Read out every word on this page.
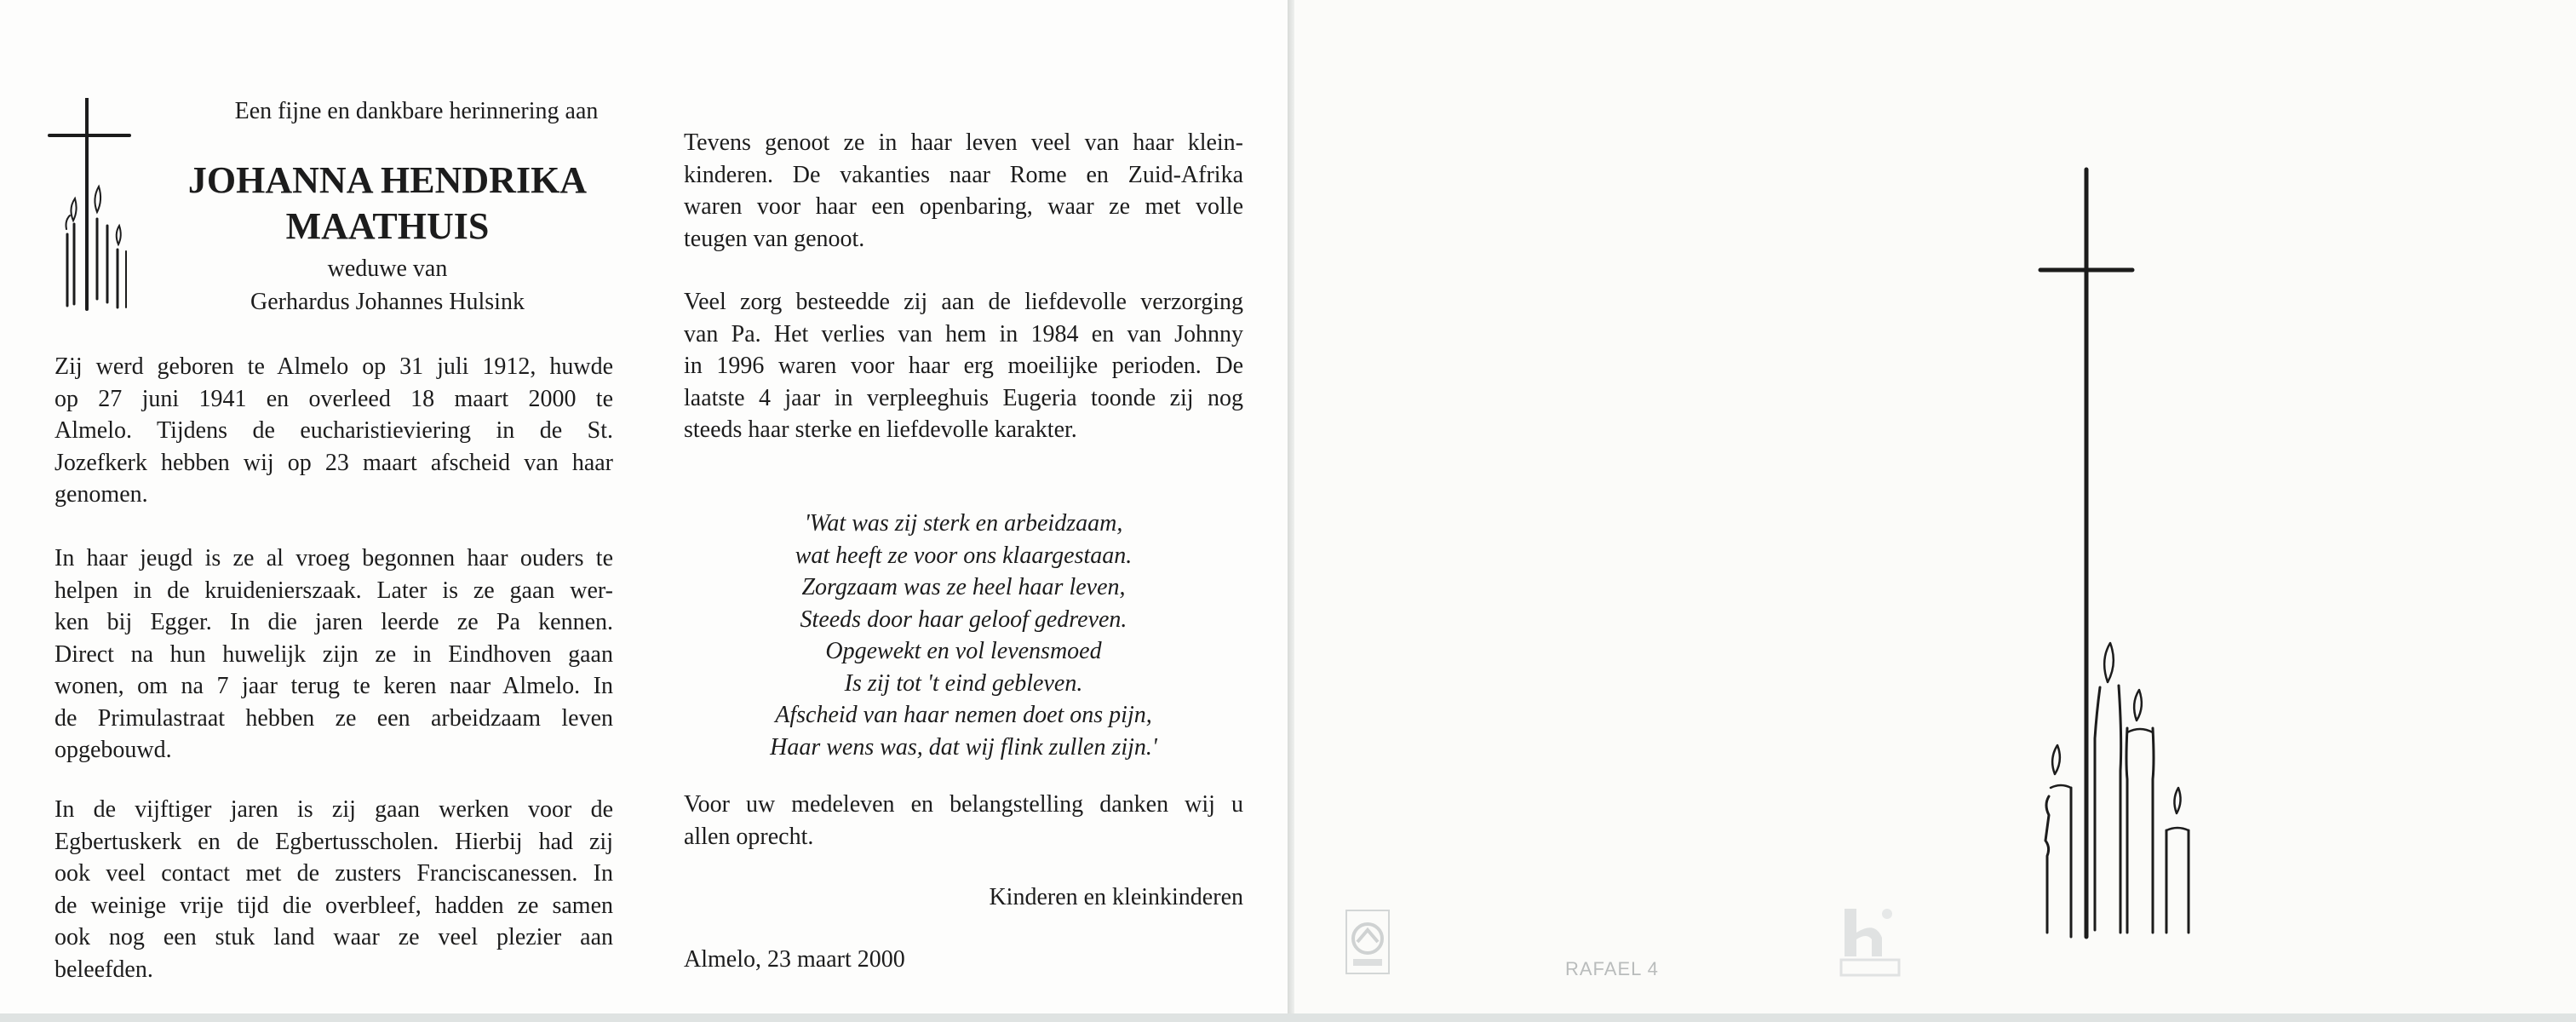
Een fijne en dankbare herinnering aan
JOHANNA HENDRIKA
MAATHUIS
weduwe van
Gerhardus Johannes Hulsink
Zij werd geboren te Almelo op 31 juli 1912, huwde
op 27 juni 1941 en overleed 18 maart 2000 te
Almelo. Tijdens de eucharistieviering in de St.
Jozefkerk hebben wij op 23 maart afscheid van haar
genomen.
In haar jeugd is ze al vroeg begonnen haar ouders te
helpen in de kruidenierszaak. Later is ze gaan wer-
ken bij Egger. In die jaren leerde ze Pa kennen.
Direct na hun huwelijk zijn ze in Eindhoven gaan
wonen, om na 7 jaar terug te keren naar Almelo. In
de Primulastraat hebben ze een arbeidzaam leven
opgebouwd.
In de vijftiger jaren is zij gaan werken voor de
Egbertuskerk en de Egbertusscholen. Hierbij had zij
ook veel contact met de zusters Franciscanessen. In
de weinige vrije tijd die overbleef, hadden ze samen
ook nog een stuk land waar ze veel plezier aan
beleefden.
Tevens genoot ze in haar leven veel van haar klein-
kinderen. De vakanties naar Rome en Zuid-Afrika
waren voor haar een openbaring, waar ze met volle
teugen van genoot.
Veel zorg besteedde zij aan de liefdevolle verzorging
van Pa. Het verlies van hem in 1984 en van Johnny
in 1996 waren voor haar erg moeilijke perioden. De
laatste 4 jaar in verpleeghuis Eugeria toonde zij nog
steeds haar sterke en liefdevolle karakter.
'Wat was zij sterk en arbeidzaam,
wat heeft ze voor ons klaargestaan.
Zorgzaam was ze heel haar leven,
Steeds door haar geloof gedreven.
Opgewekt en vol levensmoed
Is zij tot 't eind gebleven.
Afscheid van haar nemen doet ons pijn,
Haar wens was, dat wij flink zullen zijn.'
Voor uw medeleven en belangstelling danken wij u
allen oprecht.
Kinderen en kleinkinderen
Almelo, 23 maart 2000	RAFAEL 4
